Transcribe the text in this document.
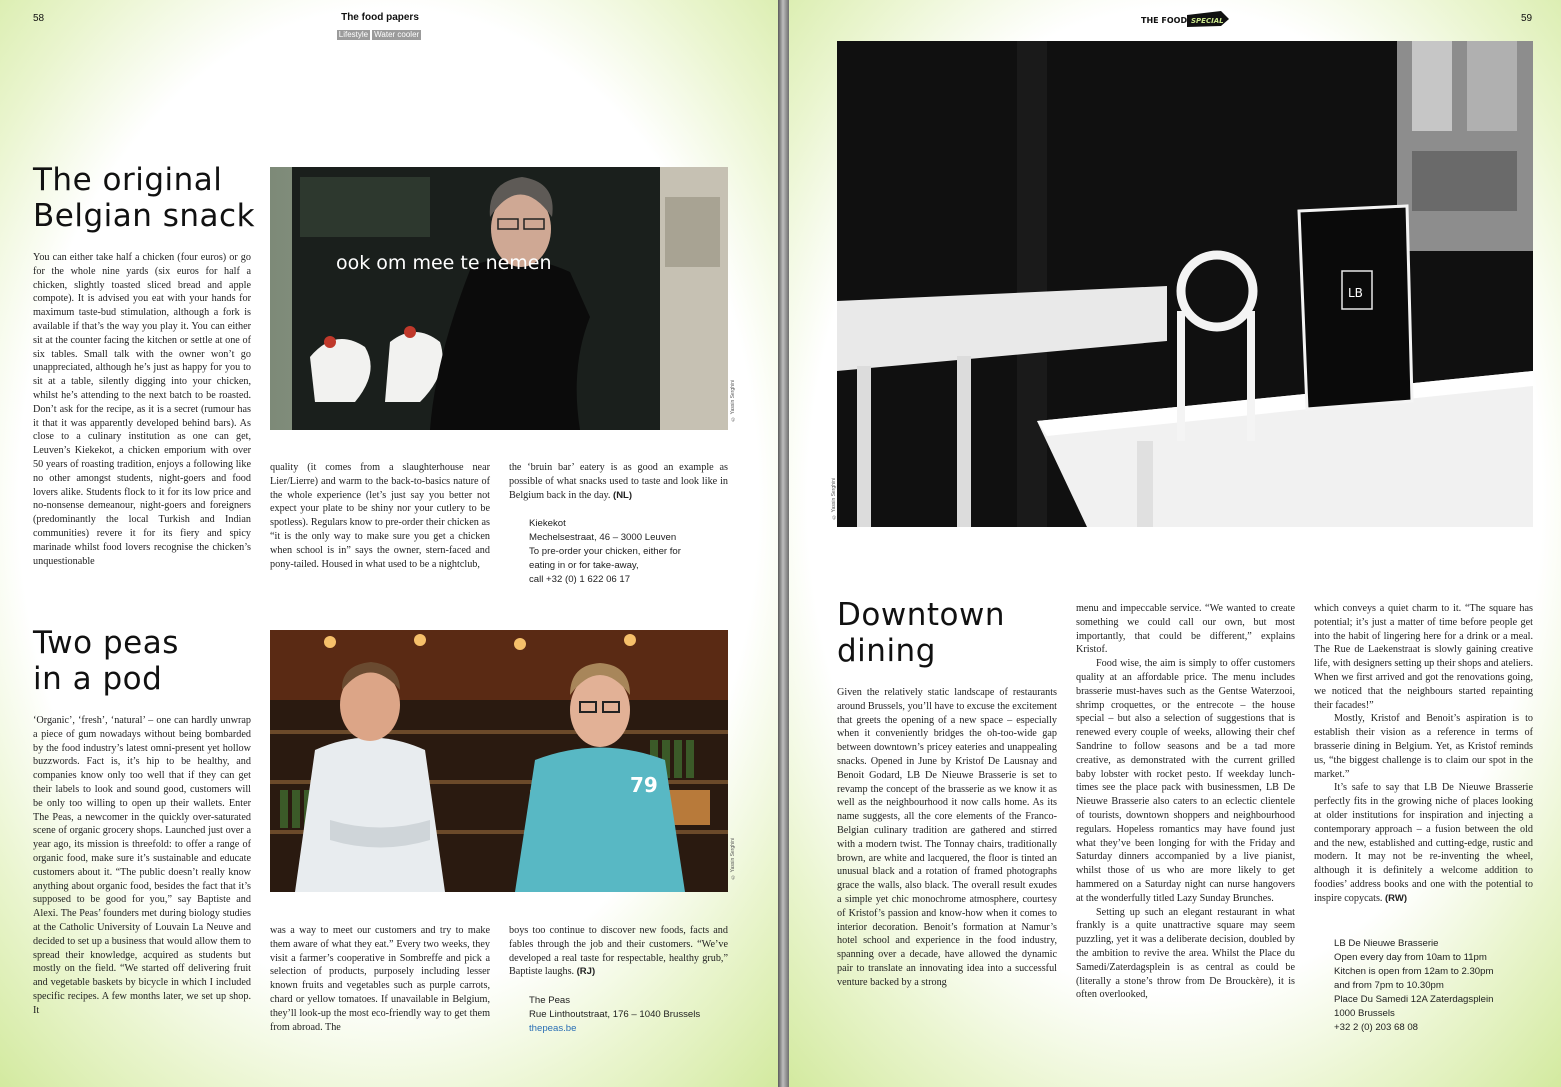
58	The food papers
Lifestyle Water cooler
The original
Belgian snack
ook om mee te nemen
© Yassin Serghini

You can either take half a chicken (four euros) or go for the whole nine yards (six euros for half a chicken, slightly toasted sliced bread and apple compote). It is advised you eat with your hands for maximum taste-bud stimulation, although a fork is available if that’s the way you play it. You can either sit at the counter facing the kitchen or settle at one of six tables. Small talk with the owner won’t go unappreciated, although he’s just as happy for you to sit at a table, silently digging into your chicken, whilst he’s attending to the next batch to be roasted. Don’t ask for the recipe, as it is a secret (rumour has it that it was apparently developed behind bars). As close to a culinary institution as one can get, Leuven’s Kiekekot, a chicken emporium with over 50 years of roasting tradition, enjoys a following like no other amongst students, night-goers and food lovers alike. Students flock to it for its low price and no-nonsense demeanour, night-goers and foreigners (predominantly the local Turkish and Indian communities) revere it for its fiery and spicy marinade whilst food lovers recognise the chicken’s unquestionable

quality (it comes from a slaughterhouse near Lier/Lierre) and warm to the back-to-basics nature of the whole experience (let’s just say you better not expect your plate to be shiny nor your cutlery to be spotless). Regulars know to pre-order their chicken as “it is the only way to make sure you get a chicken when school is in” says the owner, stern-faced and pony-tailed. Housed in what used to be a nightclub,

the ‘bruin bar’ eatery is as good an example as possible of what snacks used to taste and look like in Belgium back in the day. (NL)

Kiekekot
Mechelsestraat, 46 – 3000 Leuven
To pre-order your chicken, either for
eating in or for take-away,
call +32 (0) 1 622 06 17
Two peas
in a pod
79
© Yassin Serghini

‘Organic’, ‘fresh’, ‘natural’ – one can hardly unwrap a piece of gum nowadays without being bombarded by the food industry’s latest omni-present yet hollow buzzwords. Fact is, it’s hip to be healthy, and companies know only too well that if they can get their labels to look and sound good, customers will be only too willing to open up their wallets. Enter The Peas, a newcomer in the quickly over-saturated scene of organic grocery shops. Launched just over a year ago, its mission is threefold: to offer a range of organic food, make sure it’s sustainable and educate customers about it. “The public doesn’t really know anything about organic food, besides the fact that it’s supposed to be good for you,” say Baptiste and Alexi. The Peas’ founders met during biology studies at the Catholic University of Louvain La Neuve and decided to set up a business that would allow them to spread their knowledge, acquired as students but mostly on the field. “We started off delivering fruit and vegetable baskets by bicycle in which I included specific recipes. A few months later, we set up shop. It

was a way to meet our customers and try to make them aware of what they eat.” Every two weeks, they visit a farmer’s cooperative in Sombreffe and pick a selection of products, purposely including lesser known fruits and vegetables such as purple carrots, chard or yellow tomatoes. If unavailable in Belgium, they’ll look-up the most eco-friendly way to get them from abroad. The

boys too continue to discover new foods, facts and fables through the job and their customers. “We’ve developed a real taste for respectable, healthy grub,” Baptiste laughs. (RJ)

The Peas
Rue Linthoutstraat, 176 – 1040 Brussels
thepeas.be
THE FOOD SPECIAL	59
LB
© Yassin Serghini
Downtown
dining

Given the relatively static landscape of restaurants around Brussels, you’ll have to excuse the excitement that greets the opening of a new space – especially when it conveniently bridges the oh-too-wide gap between downtown’s pricey eateries and unappealing snacks. Opened in June by Kristof De Lausnay and Benoit Godard, LB De Nieuwe Brasserie is set to revamp the concept of the brasserie as we know it as well as the neighbourhood it now calls home. As its name suggests, all the core elements of the Franco-Belgian culinary tradition are gathered and stirred with a modern twist. The Tonnay chairs, traditionally brown, are white and lacquered, the floor is tinted an unusual black and a rotation of framed photographs grace the walls, also black. The overall result exudes a simple yet chic monochrome atmosphere, courtesy of Kristof’s passion and know-how when it comes to interior decoration. Benoit’s formation at Namur’s hotel school and experience in the food industry, spanning over a decade, have allowed the dynamic pair to translate an innovating idea into a successful venture backed by a strong

menu and impeccable service. “We wanted to create something we could call our own, but most importantly, that could be different,” explains Kristof.

Food wise, the aim is simply to offer customers quality at an affordable price. The menu includes brasserie must-haves such as the Gentse Waterzooi, shrimp croquettes, or the entrecote – the house special – but also a selection of suggestions that is renewed every couple of weeks, allowing their chef Sandrine to follow seasons and be a tad more creative, as demonstrated with the current grilled baby lobster with rocket pesto. If weekday lunch-times see the place pack with businessmen, LB De Nieuwe Brasserie also caters to an eclectic clientele of tourists, downtown shoppers and neighbourhood regulars. Hopeless romantics may have found just what they’ve been longing for with the Friday and Saturday dinners accompanied by a live pianist, whilst those of us who are more likely to get hammered on a Saturday night can nurse hangovers at the wonderfully titled Lazy Sunday Brunches.

Setting up such an elegant restaurant in what frankly is a quite unattractive square may seem puzzling, yet it was a deliberate decision, doubled by the ambition to revive the area. Whilst the Place du Samedi/Zaterdagsplein is as central as could be (literally a stone’s throw from De Brouckère), it is often overlooked,

which conveys a quiet charm to it. “The square has potential; it’s just a matter of time before people get into the habit of lingering here for a drink or a meal. The Rue de Laekenstraat is slowly gaining creative life, with designers setting up their shops and ateliers. When we first arrived and got the renovations going, we noticed that the neighbours started repainting their facades!”

Mostly, Kristof and Benoit’s aspiration is to establish their vision as a reference in terms of brasserie dining in Belgium. Yet, as Kristof reminds us, “the biggest challenge is to claim our spot in the market.”

It’s safe to say that LB De Nieuwe Brasserie perfectly fits in the growing niche of places looking at older institutions for inspiration and injecting a contemporary approach – a fusion between the old and the new, established and cutting-edge, rustic and modern. It may not be re-inventing the wheel, although it is definitely a welcome addition to foodies’ address books and one with the potential to inspire copycats. (RW)

LB De Nieuwe Brasserie
Open every day from 10am to 11pm
Kitchen is open from 12am to 2.30pm
and from 7pm to 10.30pm
Place Du Samedi 12A Zaterdagsplein
1000 Brussels
+32 2 (0) 203 68 08
